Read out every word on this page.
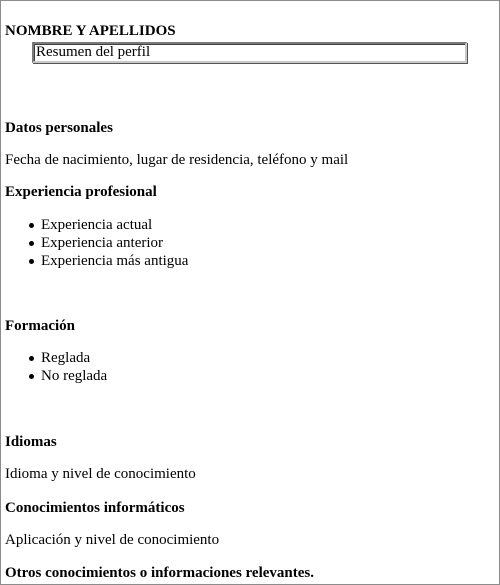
NOMBRE Y APELLIDOS
Resumen del perfil
Datos personales
Fecha de nacimiento, lugar de residencia, teléfono y mail
Experiencia profesional
Experiencia actual
Experiencia anterior
Experiencia más antigua
Formación
Reglada
No reglada
Idiomas
Idioma y nivel de conocimiento
Conocimientos informáticos
Aplicación y nivel de conocimiento
Otros conocimientos o informaciones relevantes.
